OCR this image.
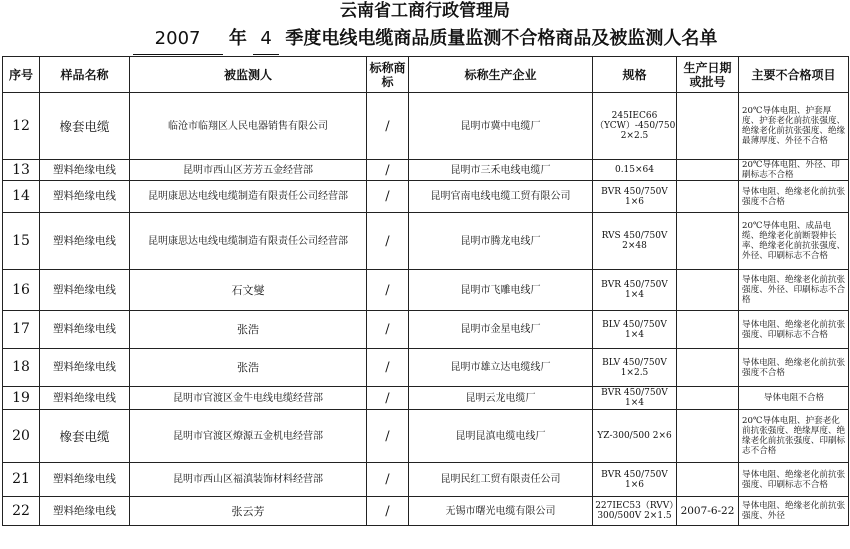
云南省工商行政管理局
2007 年 4 季度电线电缆商品质量监测不合格商品及被监测人名单
序号	样品名称	被监测人	标称商标	标称生产企业	规格	生产日期或批号	主要不合格项目
12	橡套电缆	临沧市临翔区人民电器销售有限公司	/	昆明市冀中电缆厂	245IEC66（YCW）-450/750 2×2.5		20℃导体电阻、护套厚度、护套老化前抗张强度、绝缘老化前抗张强度、绝缘最薄厚度、外径不合格
13	塑料绝缘电线	昆明市西山区芳芳五金经营部	/	昆明市三禾电线电缆厂	0.15×64		20℃导体电阻、外径、印刷标志不合格
14	塑料绝缘电线	昆明康思达电线电缆制造有限责任公司经营部	/	昆明官南电线电缆工贸有限公司	BVR 450/750V 1×6		导体电阻、绝缘老化前抗张强度不合格
15	塑料绝缘电线	昆明康思达电线电缆制造有限责任公司经营部	/	昆明市腾龙电线厂	RVS 450/750V 2×48		20℃导体电阻、成品电缆、绝缘老化前断裂伸长率、绝缘老化前抗张强度、外径、印刷标志不合格
16	塑料绝缘电线	石文燮	/	昆明市飞雕电线厂	BVR 450/750V 1×4		导体电阻、绝缘老化前抗张强度、外径、印刷标志不合格
17	塑料绝缘电线	张浩	/	昆明市金星电线厂	BLV 450/750V 1×4		导体电阻、绝缘老化前抗张强度、印刷标志不合格
18	塑料绝缘电线	张浩	/	昆明市雄立达电缆线厂	BLV 450/750V 1×2.5		导体电阻、绝缘老化前抗张强度不合格
19	塑料绝缘电线	昆明市官渡区金牛电线电缆经营部	/	昆明云龙电缆厂	BVR 450/750V 1×4		导体电阻不合格
20	橡套电缆	昆明市官渡区燎源五金机电经营部	/	昆明昆滇电缆电线厂	YZ-300/500 2×6		20℃导体电阻、护套老化前抗张强度、绝缘厚度、绝缘老化前抗张强度、印刷标志不合格
21	塑料绝缘电线	昆明市西山区福滇装饰材料经营部	/	昆明民红工贸有限责任公司	BVR 450/750V 1×6		导体电阻、绝缘老化前抗张强度、印刷标志不合格
22	塑料绝缘电线	张云芳	/	无锡市曙光电缆有限公司	227IEC53（RVV）300/500V 2×1.5	2007-6-22	导体电阻、绝缘老化前抗张强度、外径
